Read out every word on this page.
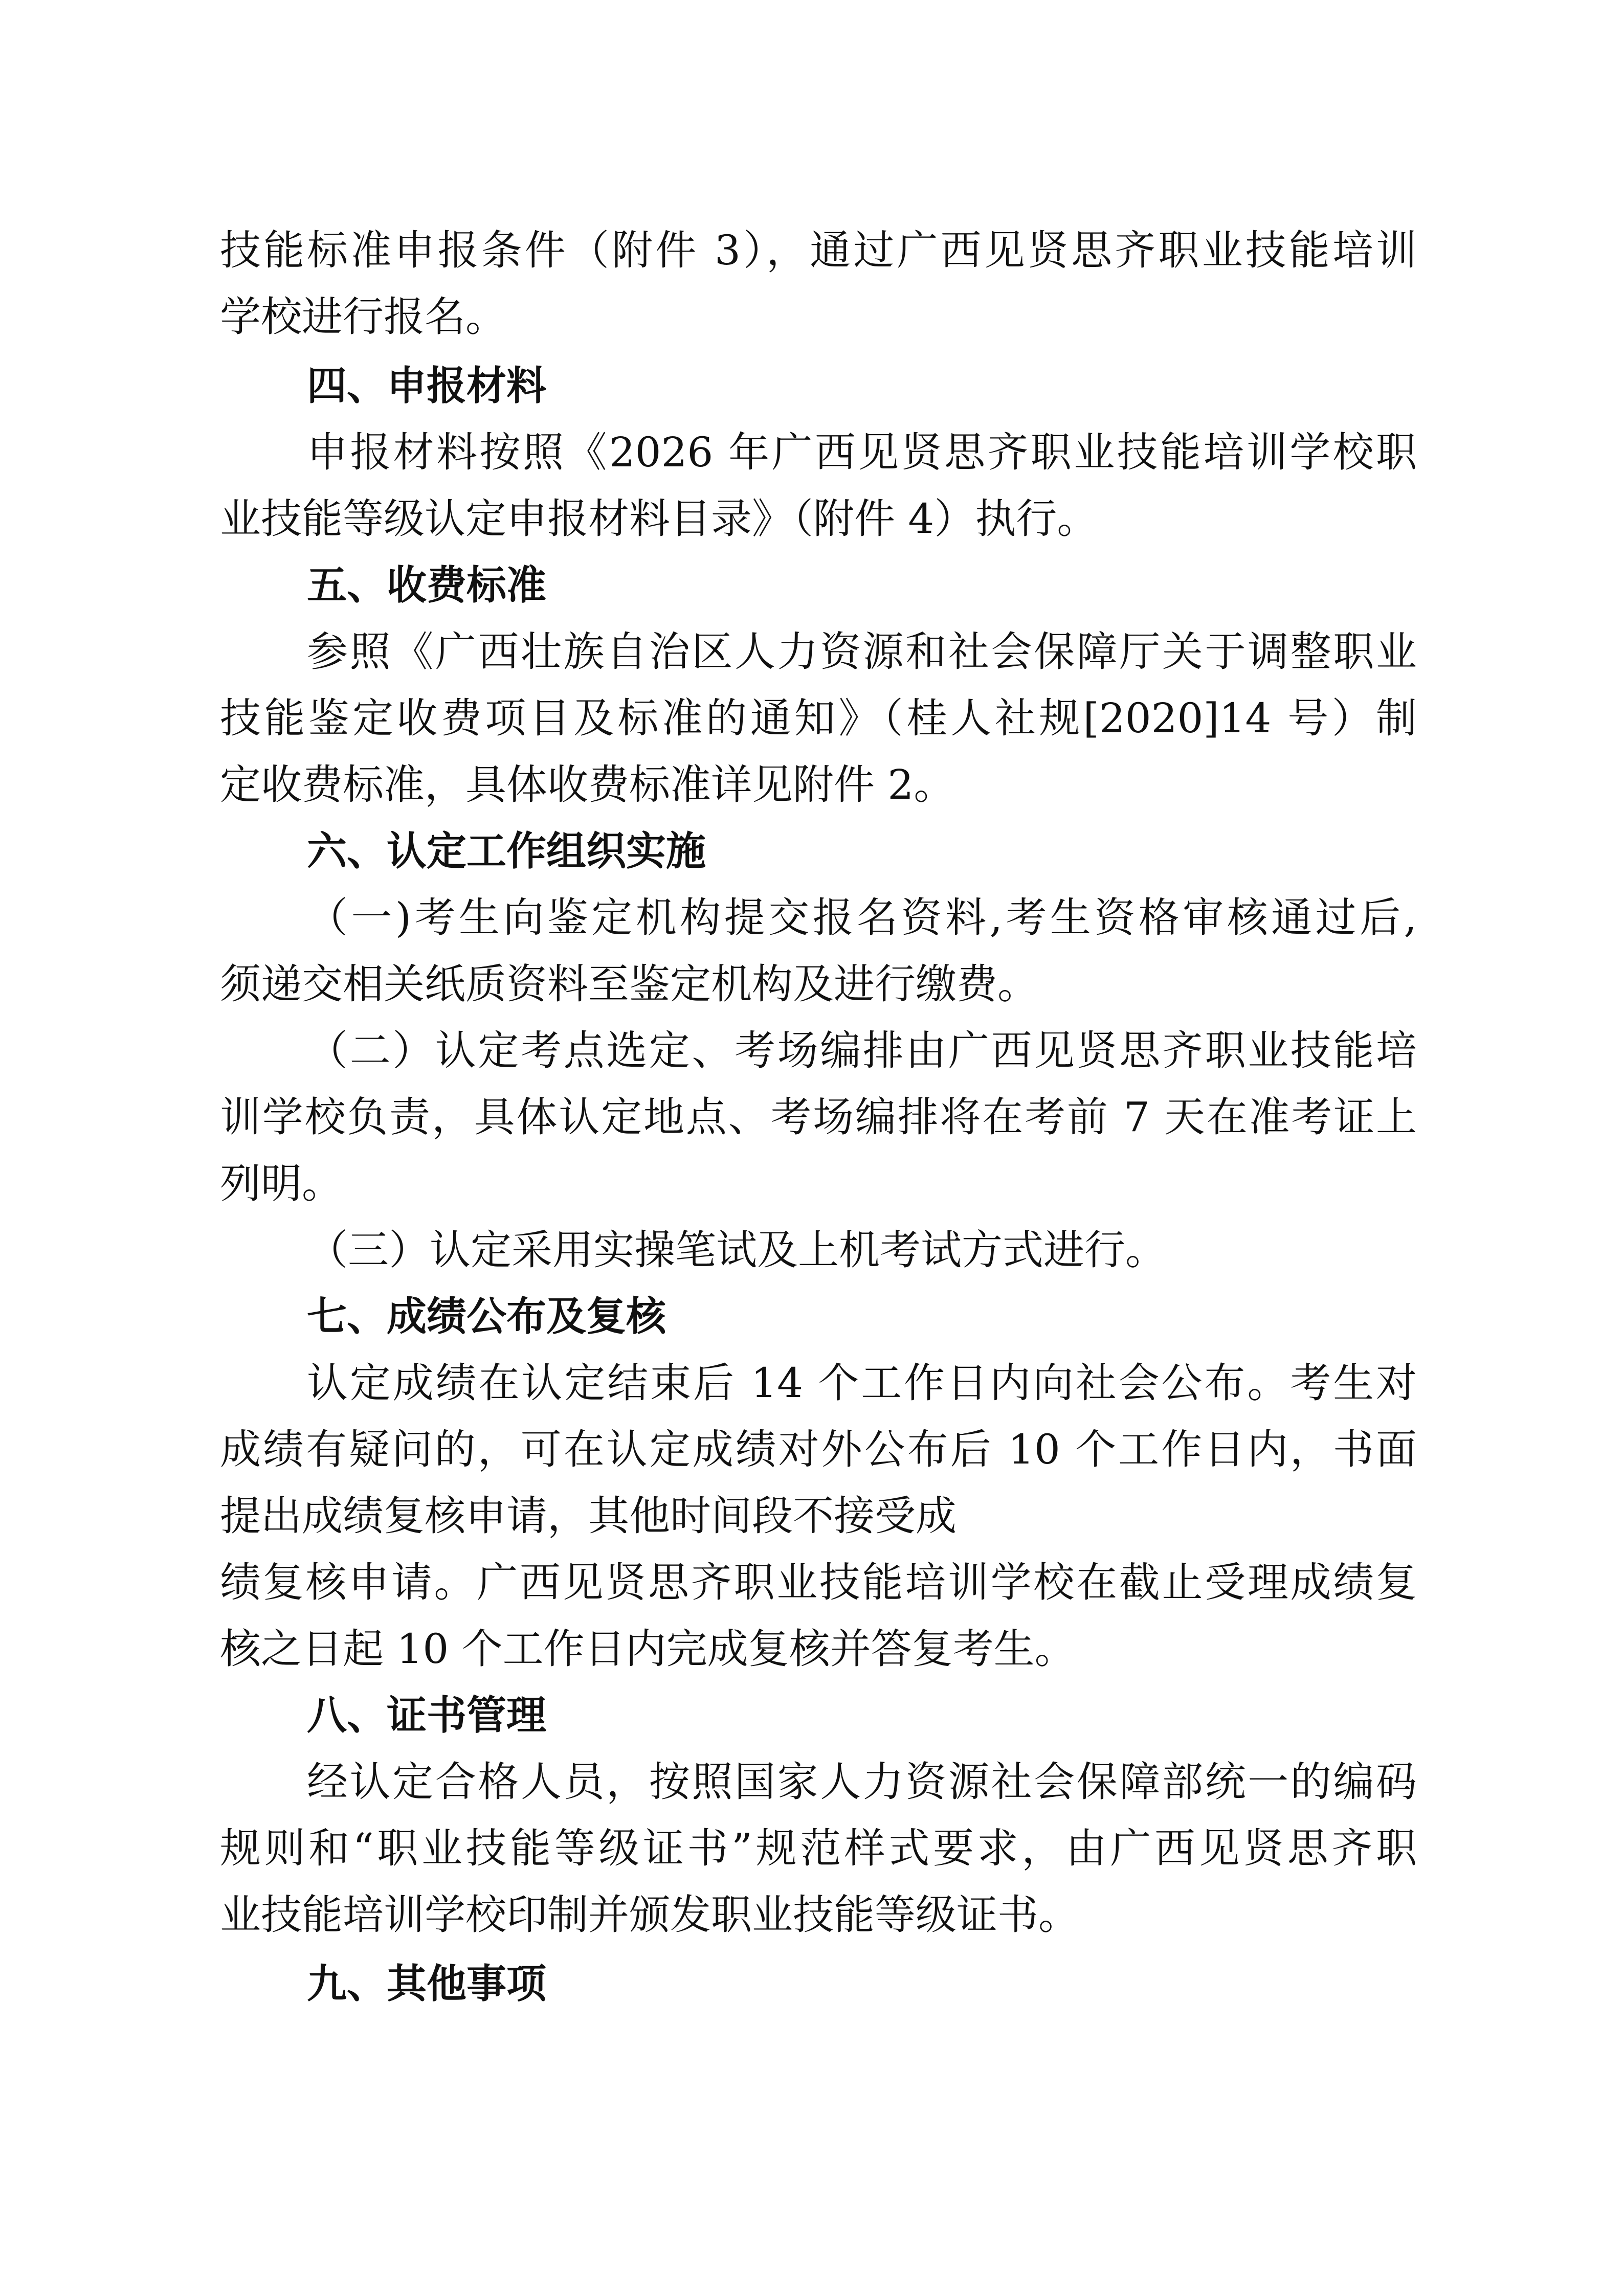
技能标准申报条件（附件 3），通过广西见贤思齐职业技能培训
学校进行报名。
四、申报材料
申报材料按照《2026 年广西见贤思齐职业技能培训学校职
业技能等级认定申报材料目录》（附件 4）执行。
五、收费标准
参照《广西壮族自治区人力资源和社会保障厅关于调整职业
技能鉴定收费项目及标准的通知》（桂人社规[2020]14 号）制
定收费标准，具体收费标准详见附件 2。
六、认定工作组织实施
（一)考生向鉴定机构提交报名资料,考生资格审核通过后,
须递交相关纸质资料至鉴定机构及进行缴费。
（二）认定考点选定、考场编排由广西见贤思齐职业技能培
训学校负责，具体认定地点、考场编排将在考前 7 天在准考证上
列明。
（三）认定采用实操笔试及上机考试方式进行。
七、成绩公布及复核
认定成绩在认定结束后 14 个工作日内向社会公布。考生对
成绩有疑问的，可在认定成绩对外公布后 10 个工作日内，书面
提出成绩复核申请，其他时间段不接受成
绩复核申请。广西见贤思齐职业技能培训学校在截止受理成绩复
核之日起 10 个工作日内完成复核并答复考生。
八、证书管理
经认定合格人员，按照国家人力资源社会保障部统一的编码
规则和“职业技能等级证书”规范样式要求，由广西见贤思齐职
业技能培训学校印制并颁发职业技能等级证书。
九、其他事项
